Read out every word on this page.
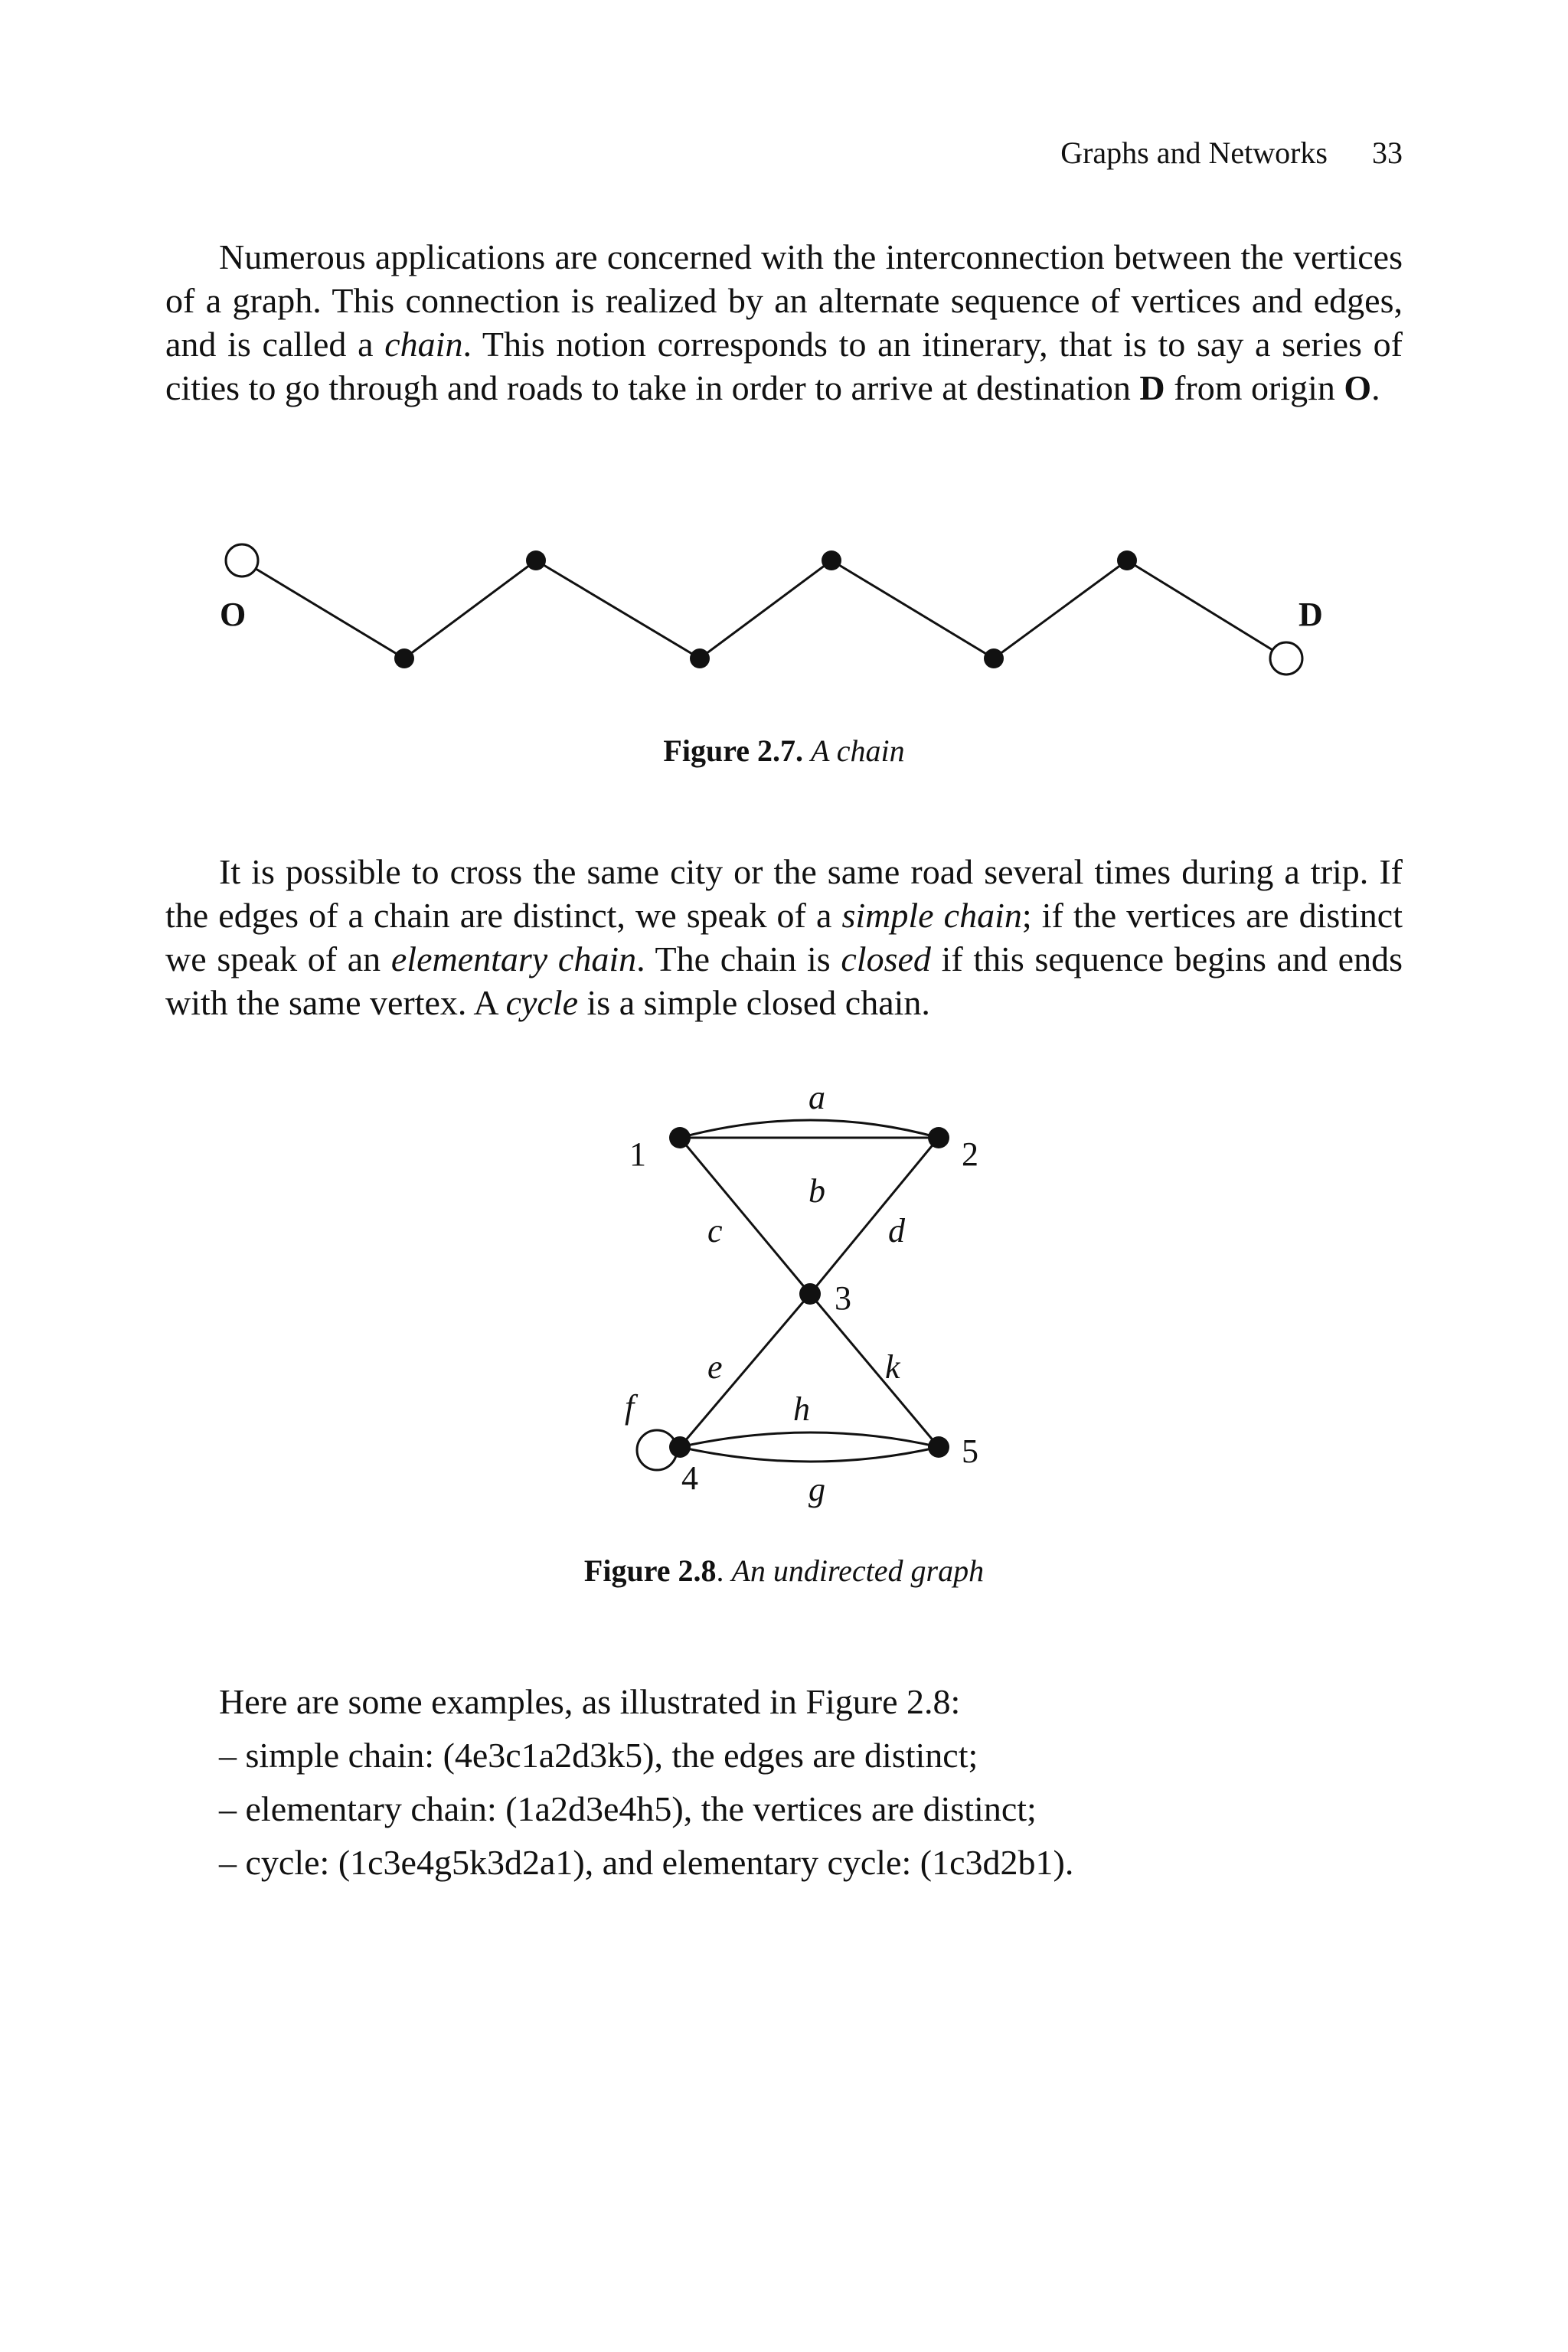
Graphs and Networks 33

Numerous applications are concerned with the interconnection between the vertices of a graph. This connection is realized by an alternate sequence of vertices and edges, and is called a chain. This notion corresponds to an itinerary, that is to say a series of cities to go through and roads to take in order to arrive at destination D from origin O.

O	D
Figure 2.7. A chain

It is possible to cross the same city or the same road several times during a trip. If the edges of a chain are distinct, we speak of a simple chain; if the vertices are distinct we speak of an elementary chain. The chain is closed if this sequence begins and ends with the same vertex. A cycle is a simple closed chain.

1	2
3
4
5
a
b
c	d
e
f
g
h
k
Figure 2.8. An undirected graph
Here are some examples, as illustrated in Figure 2.8:
– simple chain: (4e3c1a2d3k5), the edges are distinct;
– elementary chain: (1a2d3e4h5), the vertices are distinct;
– cycle: (1c3e4g5k3d2a1), and elementary cycle: (1c3d2b1).
